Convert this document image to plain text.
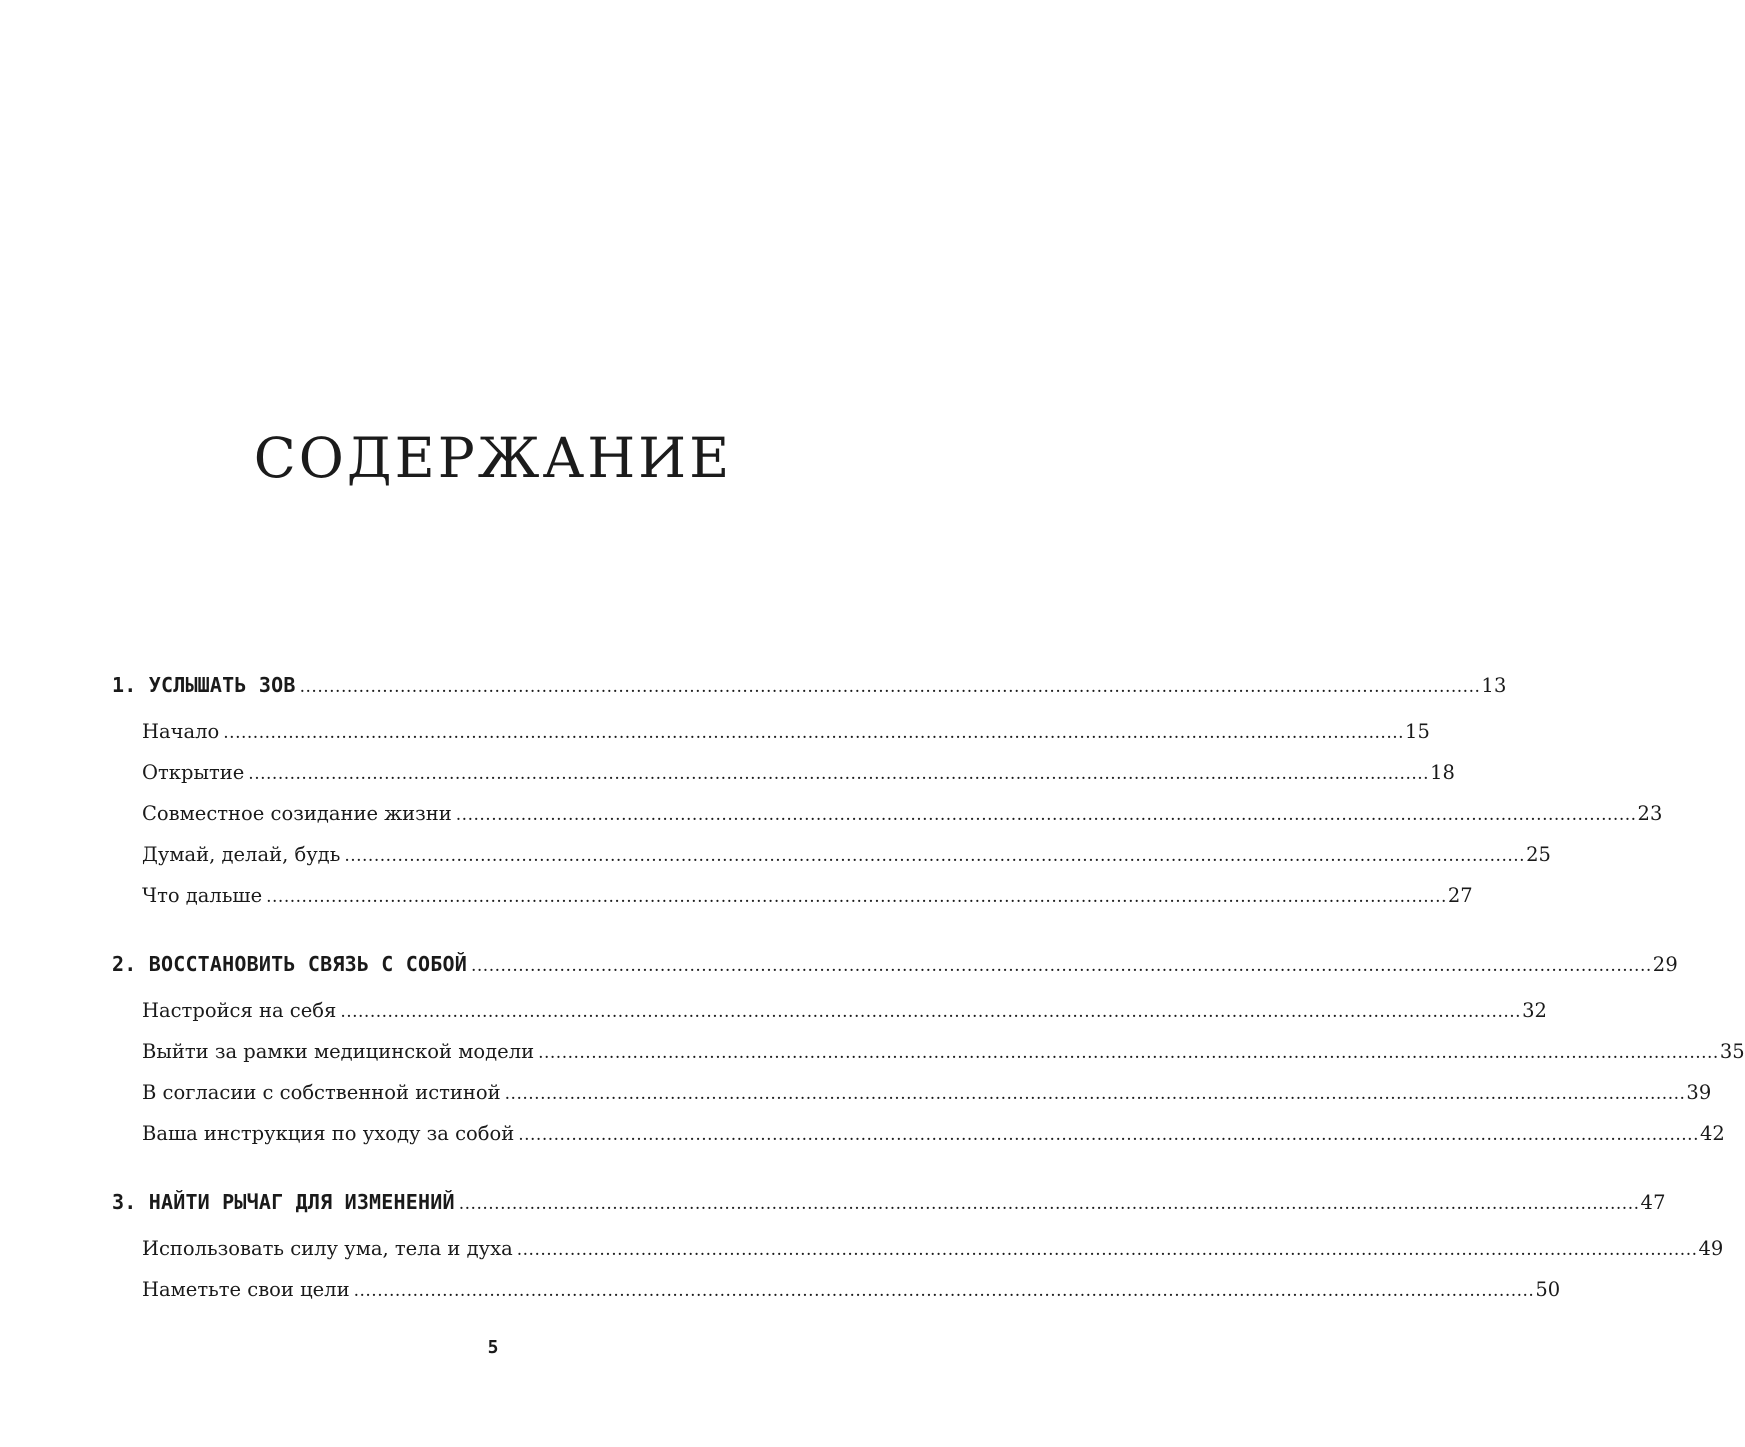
СОДЕРЖАНИЕ
1. УСЛЫШАТЬ ЗОВ ........................................................................................................................................................................................................ 13
Начало ........................................................................................................................................................................................................ 15
Открытие ........................................................................................................................................................................................................ 18
Совместное созидание жизни ........................................................................................................................................................................................................ 23
Думай, делай, будь ........................................................................................................................................................................................................ 25
Что дальше ........................................................................................................................................................................................................ 27
2. ВОССТАНОВИТЬ СВЯЗЬ С СОБОЙ ........................................................................................................................................................................................................ 29
Настройся на себя ........................................................................................................................................................................................................ 32
Выйти за рамки медицинской модели ........................................................................................................................................................................................................ 35
В согласии с собственной истиной ........................................................................................................................................................................................................ 39
Ваша инструкция по уходу за собой ........................................................................................................................................................................................................ 42
3. НАЙТИ РЫЧАГ ДЛЯ ИЗМЕНЕНИЙ ........................................................................................................................................................................................................ 47
Использовать силу ума, тела и духа ........................................................................................................................................................................................................ 49
Наметьте свои цели ........................................................................................................................................................................................................ 50
5
